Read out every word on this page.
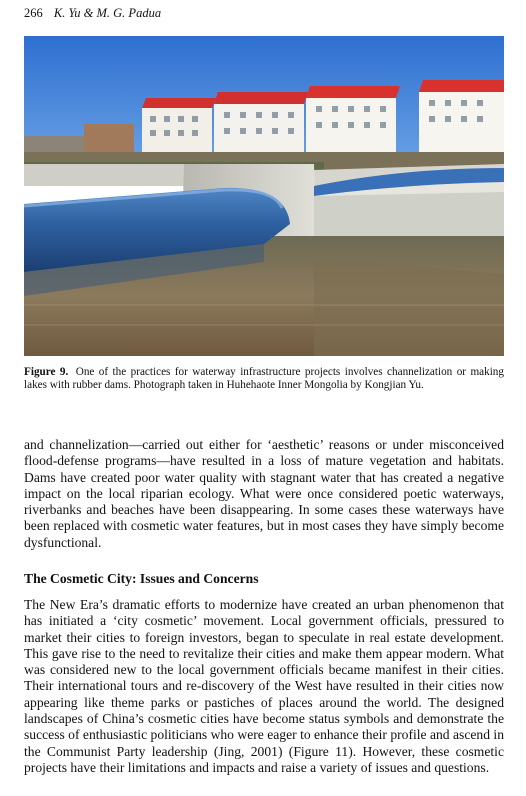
266 K. Yu & M. G. Padua
Figure 9. One of the practices for waterway infrastructure projects involves channelization or making lakes with rubber dams. Photograph taken in Huhehaote Inner Mongolia by Kongjian Yu.

and channelization—carried out either for ‘aesthetic’ reasons or under misconceived flood-defense programs—have resulted in a loss of mature vegetation and habitats. Dams have created poor water quality with stagnant water that has created a negative impact on the local riparian ecology. What were once considered poetic waterways, riverbanks and beaches have been disappearing. In some cases these waterways have been replaced with cosmetic water features, but in most cases they have simply become dysfunctional.

The Cosmetic City: Issues and Concerns

The New Era’s dramatic efforts to modernize have created an urban phenomenon that has initiated a ‘city cosmetic’ movement. Local government officials, pressured to market their cities to foreign investors, began to speculate in real estate development. This gave rise to the need to revitalize their cities and make them appear modern. What was considered new to the local government officials became manifest in their cities. Their international tours and re-discovery of the West have resulted in their cities now appearing like theme parks or pastiches of places around the world. The designed landscapes of China’s cosmetic cities have become status symbols and demonstrate the success of enthusiastic politicians who were eager to enhance their profile and ascend in the Communist Party leadership (Jing, 2001) (Figure 11). However, these cosmetic projects have their limitations and impacts and raise a variety of issues and questions.
